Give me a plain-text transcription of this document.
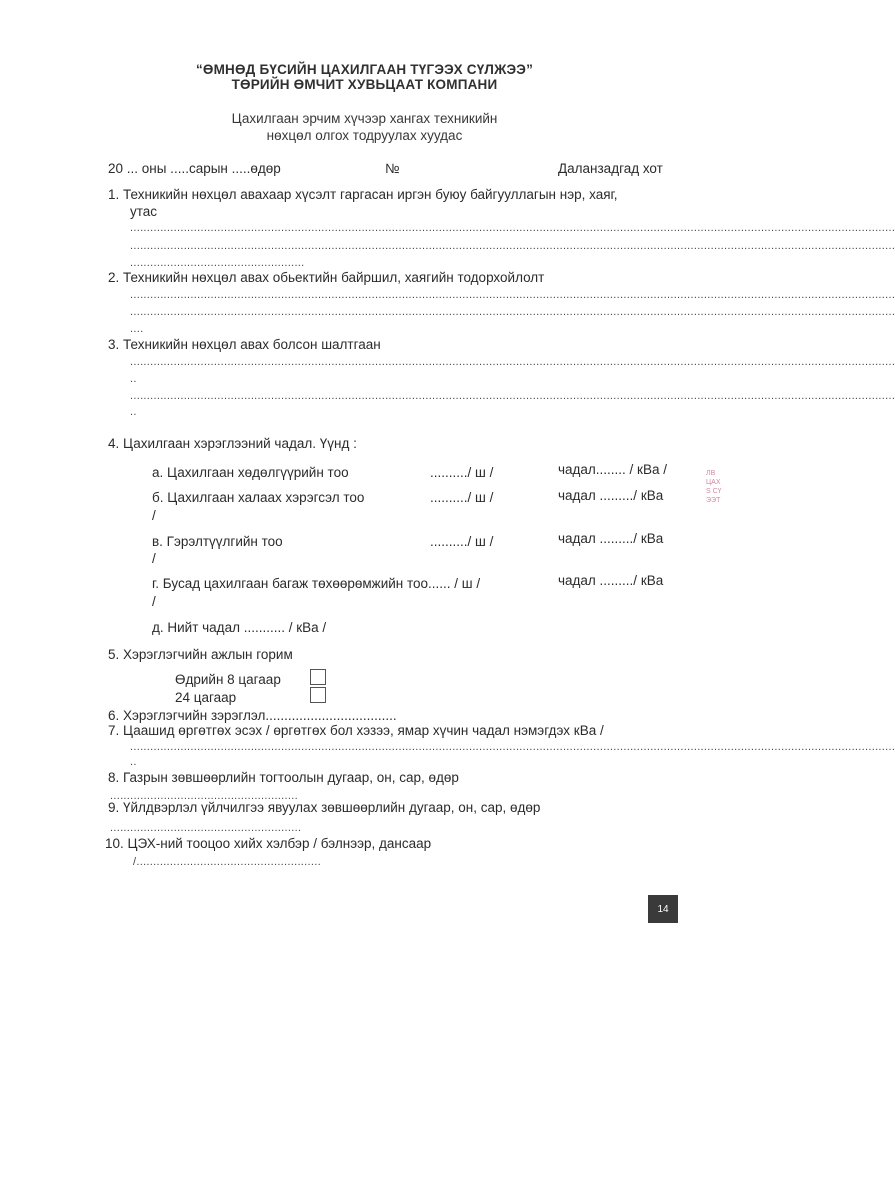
“ӨМНӨД БҮСИЙН ЦАХИЛГААН ТҮГЭЭХ СҮЛЖЭЭ”
ТӨРИЙН ӨМЧИТ ХУВЬЦААТ КОМПАНИ
Цахилгаан эрчим хүчээр хангах техникийн
нөхцөл олгох тодруулах хуудас
20 ... оны .....сарын .....өдөр	№	Даланзадгад хот
1. Техникийн нөхцөл авахаар хүсэлт гаргасан иргэн буюу байгууллагын нэр, хаяг,
утас
....................................................................................................................................................................................................................................
....................................................................................................................................................................................................................................
....................................................
2. Техникийн нөхцөл авах обьектийн байршил, хаягийн тодорхойлолт
....................................................................................................................................................................................................................................
....................................................................................................................................................................................................................................
....
3. Техникийн нөхцөл авах болсон шалтгаан
....................................................................................................................................................................................................................................
..
....................................................................................................................................................................................................................................
..
4. Цахилгаан хэрэглээний чадал. Үүнд :
а. Цахилгаан хөдөлгүүрийн тоо	........../ ш /	чадал........ / кВа /
б. Цахилгаан халаах хэрэгсэл тоо	........../ ш /	чадал ........./ кВа
/
в. Гэрэлтүүлгийн тоо	........../ ш /	чадал ........./ кВа
/
г. Бусад цахилгаан багаж төхөөрөмжийн тоо...... / ш /	чадал ........./ кВа
/
д. Нийт чадал ........... / кВа /
5. Хэрэглэгчийн ажлын горим
Өдрийн 8 цагаар
24 цагаар
6. Хэрэглэгчийн зэрэглэл...................................
7. Цаашид өргөтгөх эсэх / өргөтгөх бол хэзээ, ямар хүчин чадал нэмэгдэх кВа /
....................................................................................................................................................................................................................................
..
8. Газрын зөвшөөрлийн тогтоолын дугаар, он, сар, өдөр
........................................................
9. Үйлдвэрлэл үйлчилгээ явуулах зөвшөөрлийн дугаар, он, сар, өдөр
.........................................................
10. ЦЭХ-ний тооцоо хийх хэлбэр / бэлнээр, дансаар
/.......................................................
14
ЛВ
ЦАХ
S СҮ
ЭЭТ
